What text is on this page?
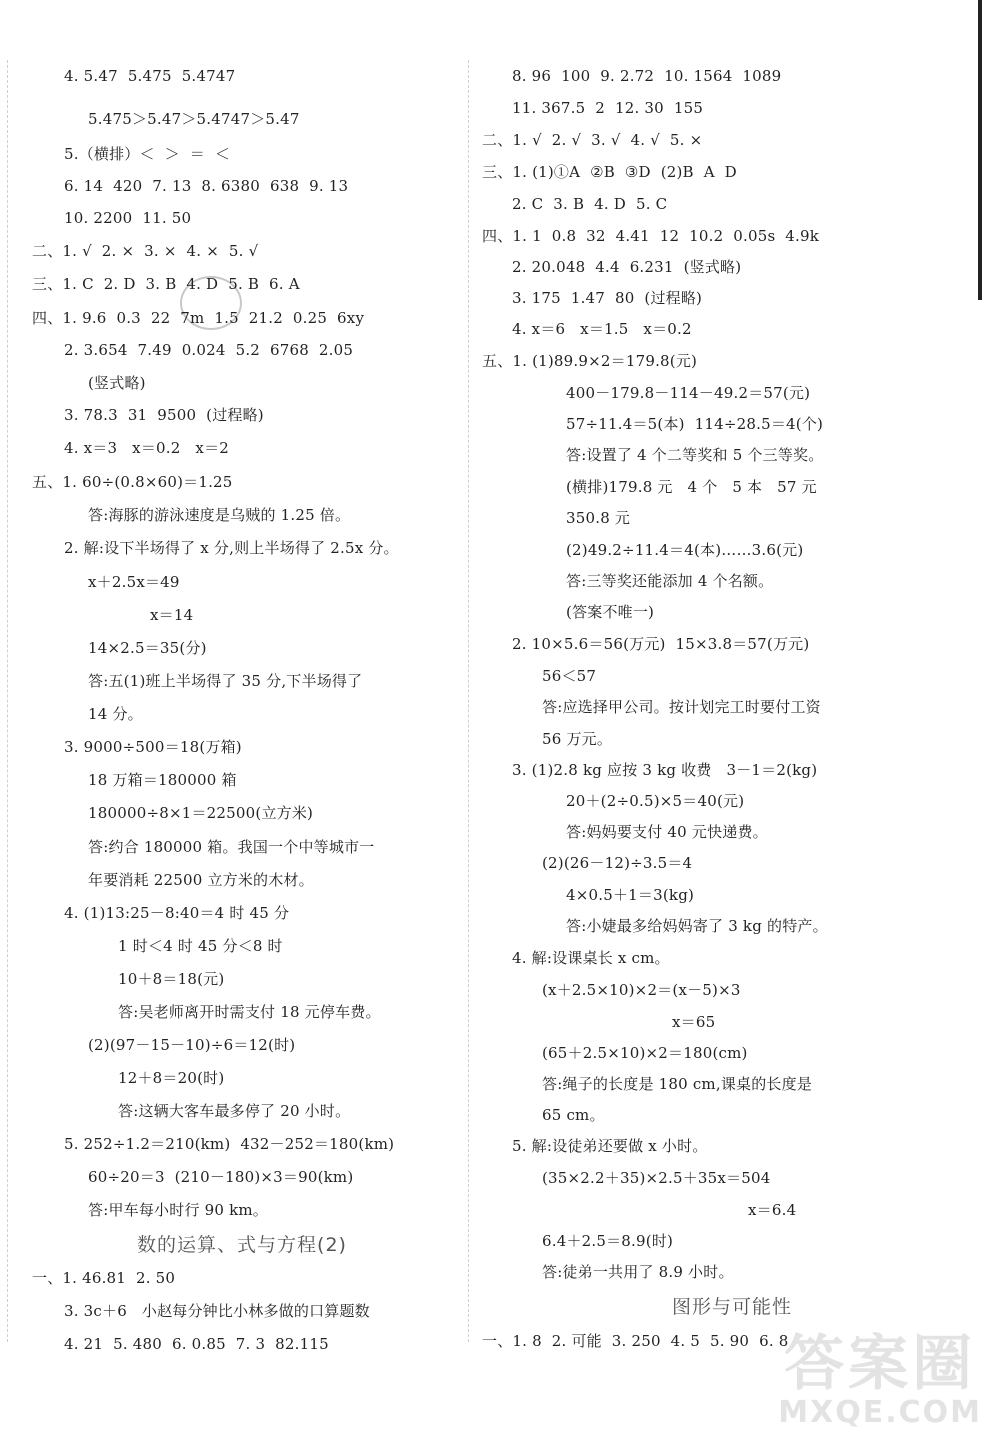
4. 5.47  5.475  5.4747
5.475＞5.47＞5.4747＞5.47
5.（横排）＜  ＞  ＝  ＜
6. 14  420  7. 13  8. 6380  638  9. 13
10. 2200  11. 50
二、1. √  2. ×  3. ×  4. ×  5. √
三、1. C  2. D  3. B  4. D  5. B  6. A
四、1. 9.6  0.3  22  7m  1.5  21.2  0.25  6xy
2. 3.654  7.49  0.024  5.2  6768  2.05
(竖式略)
3. 78.3  31  9500  (过程略)
4. x＝3   x＝0.2   x＝2
五、1. 60÷(0.8×60)＝1.25
答:海豚的游泳速度是乌贼的 1.25 倍。
2. 解:设下半场得了 x 分,则上半场得了 2.5x 分。
x＋2.5x＝49
x＝14
14×2.5＝35(分)
答:五(1)班上半场得了 35 分,下半场得了
14 分。
3. 9000÷500＝18(万箱)
18 万箱＝180000 箱
180000÷8×1＝22500(立方米)
答:约合 180000 箱。我国一个中等城市一
年要消耗 22500 立方米的木材。
4. (1)13:25－8:40＝4 时 45 分
1 时＜4 时 45 分＜8 时
10＋8＝18(元)
答:吴老师离开时需支付 18 元停车费。
(2)(97－15－10)÷6＝12(时)
12＋8＝20(时)
答:这辆大客车最多停了 20 小时。
5. 252÷1.2＝210(km)  432－252＝180(km)
60÷20＝3  (210－180)×3＝90(km)
答:甲车每小时行 90 km。
数的运算、式与方程(2)
一、1. 46.81  2. 50
3. 3c＋6   小赵每分钟比小林多做的口算题数
4. 21  5. 480  6. 0.85  7. 3  82.115
8. 96  100  9. 2.72  10. 1564  1089
11. 367.5  2  12. 30  155
二、1. √  2. √  3. √  4. √  5. ×
三、1. (1)①A  ②B  ③D  (2)B  A  D
2. C  3. B  4. D  5. C
四、1. 1  0.8  32  4.41  12  10.2  0.05s  4.9k
2. 20.048  4.4  6.231  (竖式略)
3. 175  1.47  80  (过程略)
4. x＝6   x＝1.5   x＝0.2
五、1. (1)89.9×2＝179.8(元)
400－179.8－114－49.2＝57(元)
57÷11.4＝5(本)  114÷28.5＝4(个)
答:设置了 4 个二等奖和 5 个三等奖。
(横排)179.8 元   4 个   5 本   57 元
350.8 元
(2)49.2÷11.4＝4(本)……3.6(元)
答:三等奖还能添加 4 个名额。
(答案不唯一)
2. 10×5.6＝56(万元)  15×3.8＝57(万元)
56＜57
答:应选择甲公司。按计划完工时要付工资
56 万元。
3. (1)2.8 kg 应按 3 kg 收费   3－1＝2(kg)
20＋(2÷0.5)×5＝40(元)
答:妈妈要支付 40 元快递费。
(2)(26－12)÷3.5＝4
4×0.5＋1＝3(kg)
答:小婕最多给妈妈寄了 3 kg 的特产。
4. 解:设课桌长 x cm。
(x＋2.5×10)×2＝(x－5)×3
x＝65
(65＋2.5×10)×2＝180(cm)
答:绳子的长度是 180 cm,课桌的长度是
65 cm。
5. 解:设徒弟还要做 x 小时。
(35×2.2＋35)×2.5＋35x＝504
x＝6.4
6.4＋2.5＝8.9(时)
答:徒弟一共用了 8.9 小时。
图形与可能性
一、1. 8  2. 可能  3. 250  4. 5  5. 90  6. 8
答案圈
MXQE.COM
